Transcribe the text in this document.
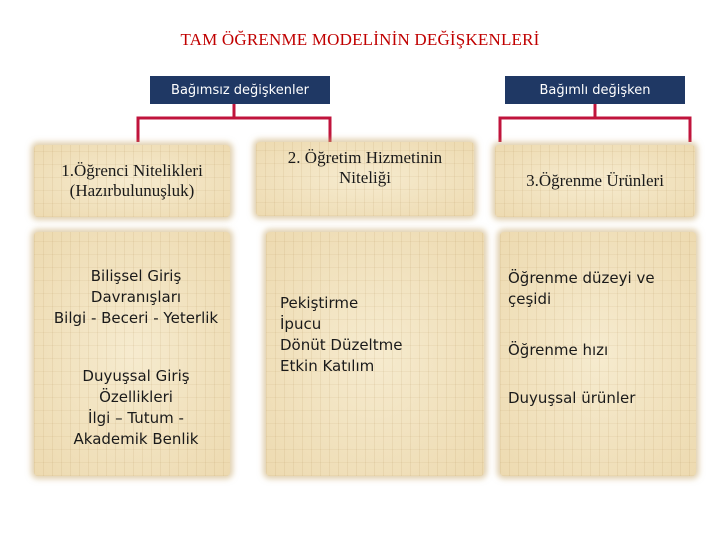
TAM ÖĞRENME MODELİNİN DEĞİŞKENLERİ
Bağımsız değişkenler	Bağımlı değişken
1.Öğrenci Nitelikleri
(Hazırbulunuşluk)
2. Öğretim Hizmetinin
Niteliği	3.Öğrenme Ürünleri
Bilişsel Giriş
Davranışları
Bilgi - Beceri - Yeterlik
Duyuşsal Giriş
Özellikleri
İlgi – Tutum -
Akademik Benlik
Pekiştirme
İpucu
Dönüt Düzeltme
Etkin Katılım
Öğrenme düzeyi ve
çeşidi
Öğrenme hızı
Duyuşsal ürünler
